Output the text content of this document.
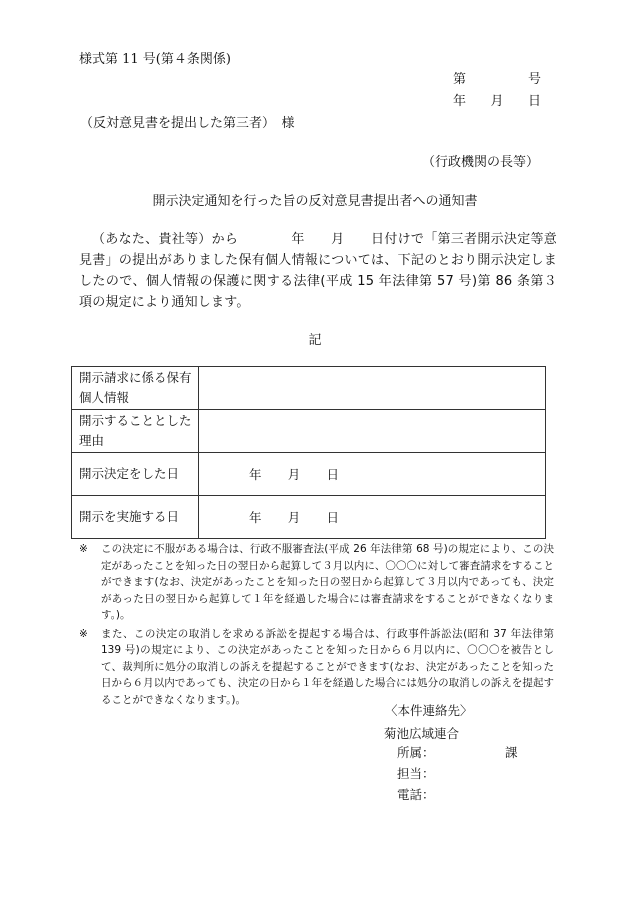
様式第 11 号(第４条関係)
第	号
年 月 日
（反対意見書を提出した第三者）　様
（行政機関の長等）
開示決定通知を行った旨の反対意見書提出者への通知書
（あなた、貴社等）から　　　　年　　月　　日付けで「第三者開示決定等意見書」の提出がありました保有個人情報については、下記のとおり開示決定しましたので、個人情報の保護に関する法律(平成 15 年法律第 57 号)第 86 条第３項の規定により通知します。
記
開示請求に係る保有個人情報	
開示することとした理由	
開示決定をした日	年 月 日

開示を実施する日	年 月 日
※	この決定に不服がある場合は、行政不服審査法(平成 26 年法律第 68 号)の規定により、この決定があったことを知った日の翌日から起算して３月以内に、〇〇〇に対して審査請求をすることができます(なお、決定があったことを知った日の翌日から起算して３月以内であっても、決定があった日の翌日から起算して１年を経過した場合には審査請求をすることができなくなります。)。
※	また、この決定の取消しを求める訴訟を提起する場合は、行政事件訴訟法(昭和 37 年法律第 139 号)の規定により、この決定があったことを知った日から６月以内に、〇〇〇を被告として、裁判所に処分の取消しの訴えを提起することができます(なお、決定があったことを知った日から６月以内であっても、決定の日から１年を経過した場合には処分の取消しの訴えを提起することができなくなります。)。
〈本件連絡先〉
菊池広域連合
所属：	課
担当：
電話：
